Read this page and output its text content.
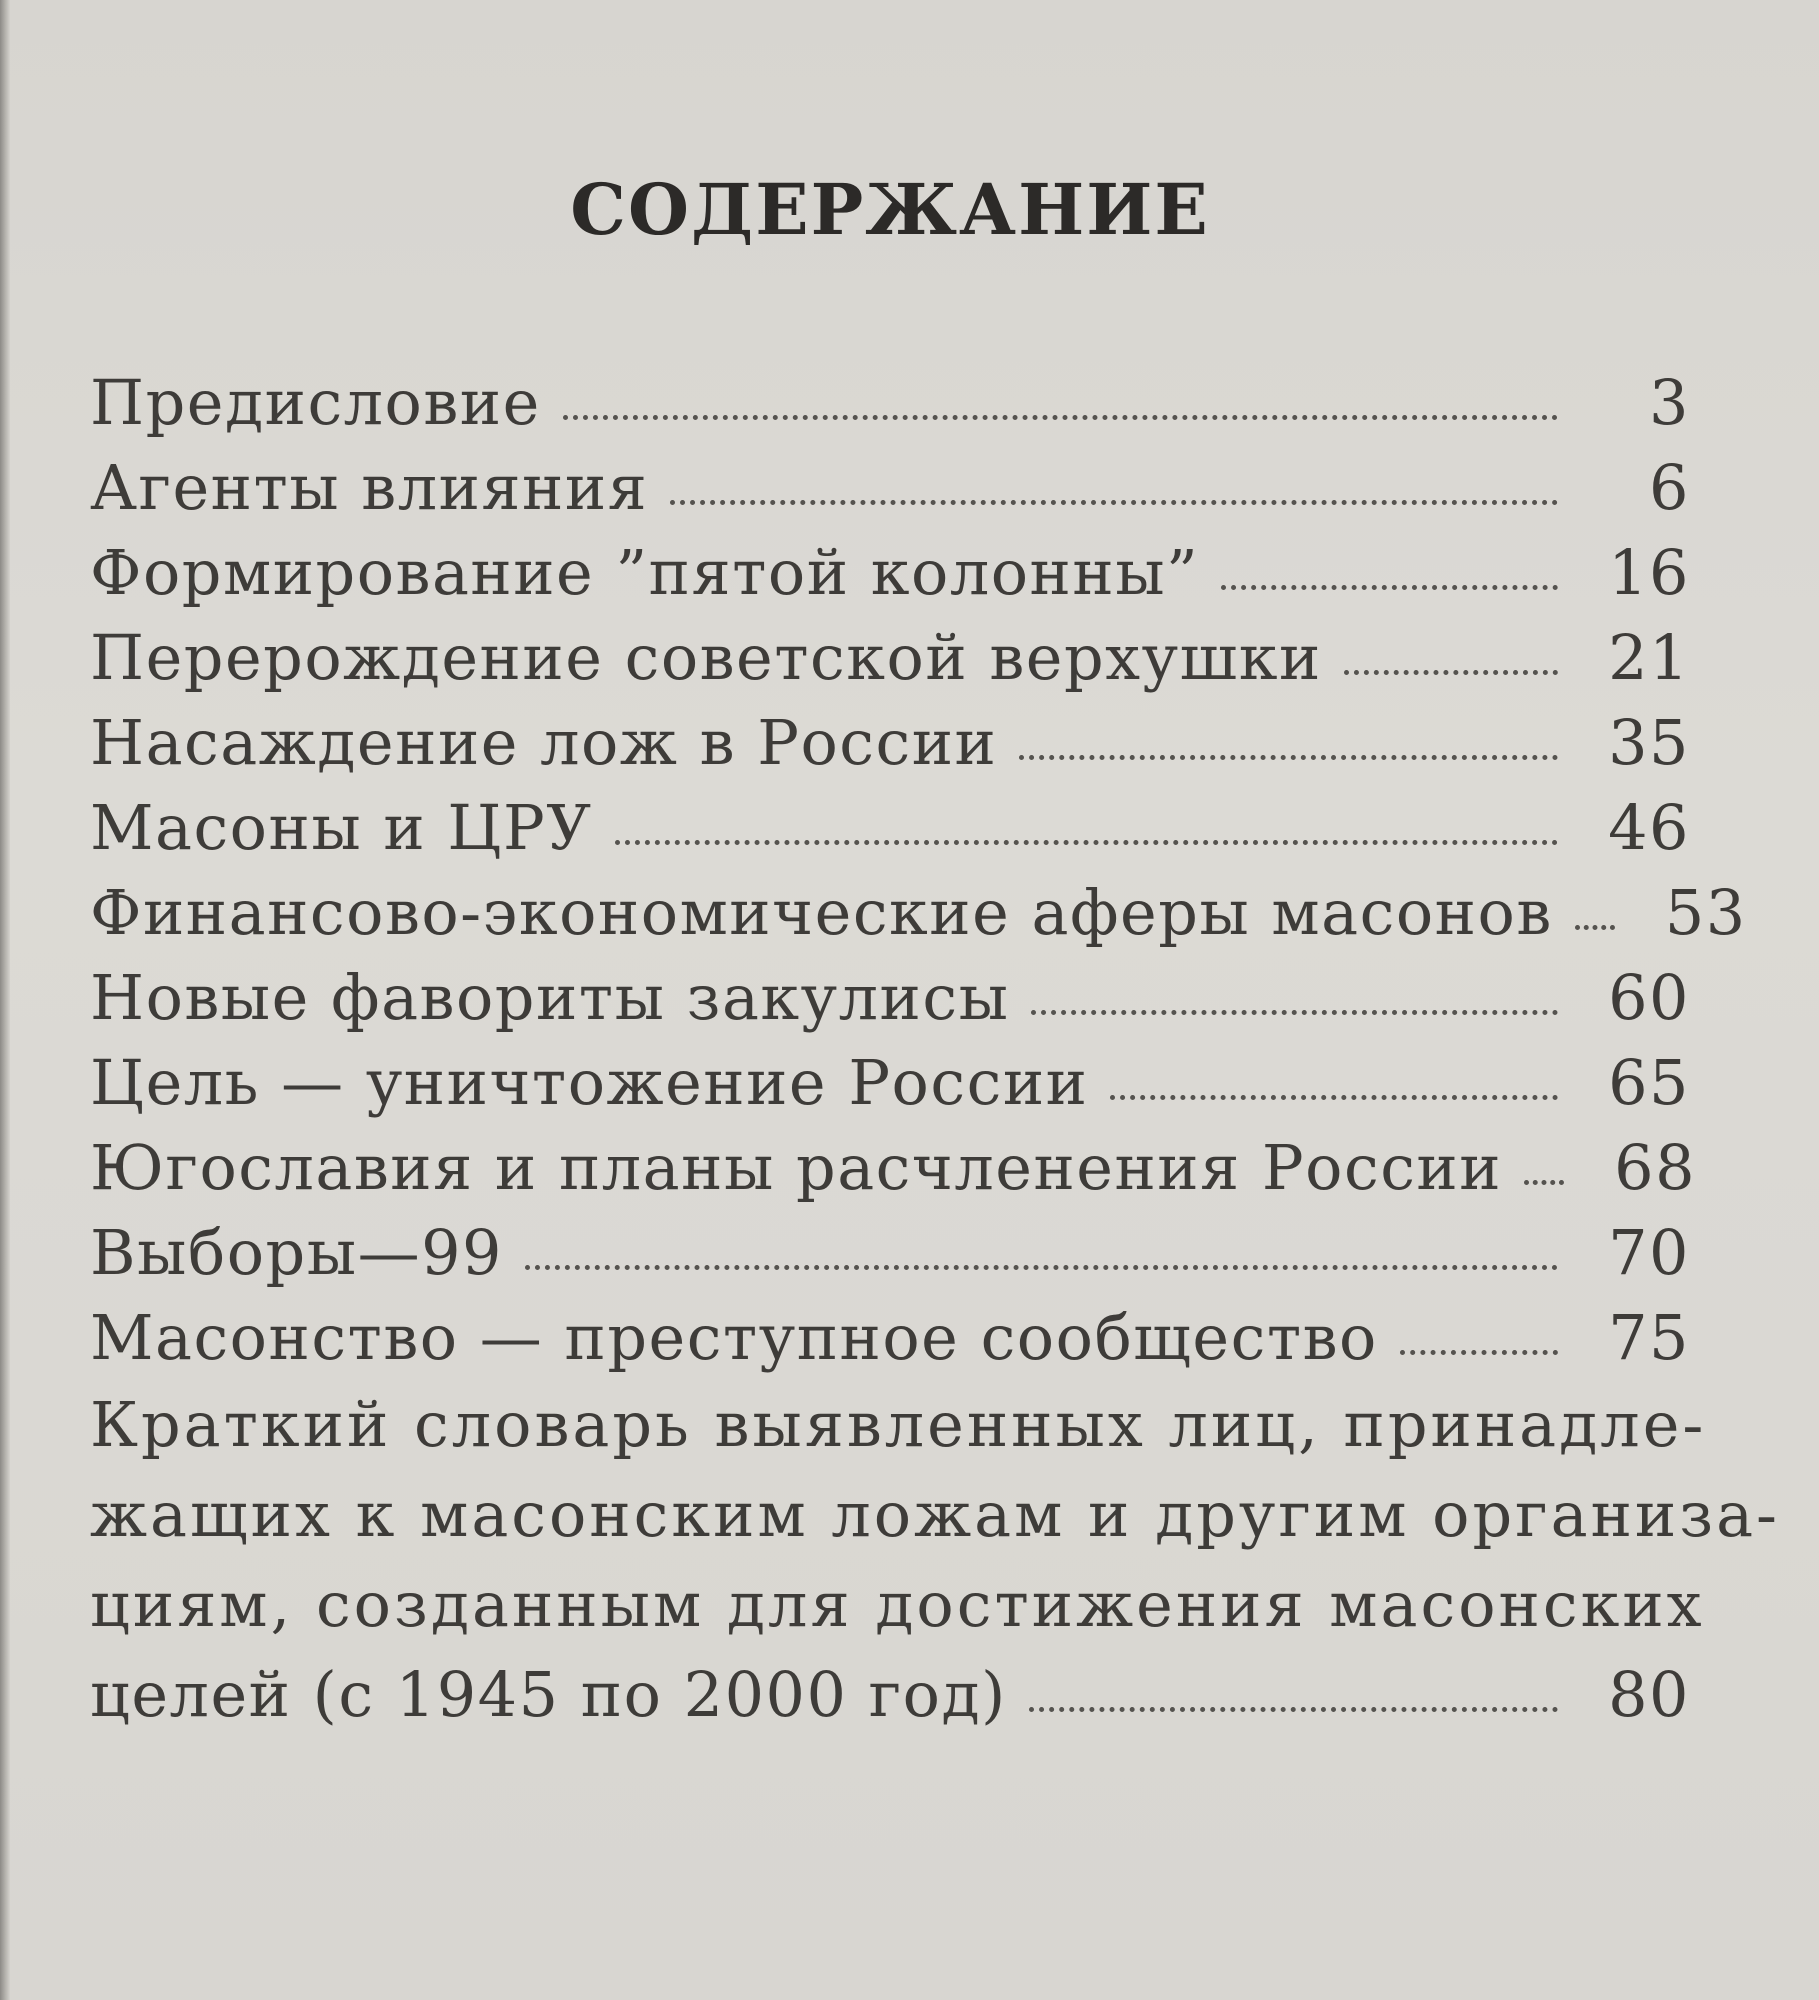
СОДЕРЖАНИЕ
Предисловие	3
Агенты влияния	6
Формирование ”пятой колонны”	16
Перерождение советской верхушки	21
Насаждение лож в России	35
Масоны и ЦРУ	46
Финансово-экономические аферы масонов	53
Новые фавориты закулисы	60
Цель — уничтожение России	65
Югославия и планы расчленения России	68
Выборы—99	70
Масонство — преступное сообщество	75
Краткий словарь выявленных лиц, принадле-
жащих к масонским ложам и другим организа-
циям, созданным для достижения масонских
целей (с 1945 по 2000 год)	80
